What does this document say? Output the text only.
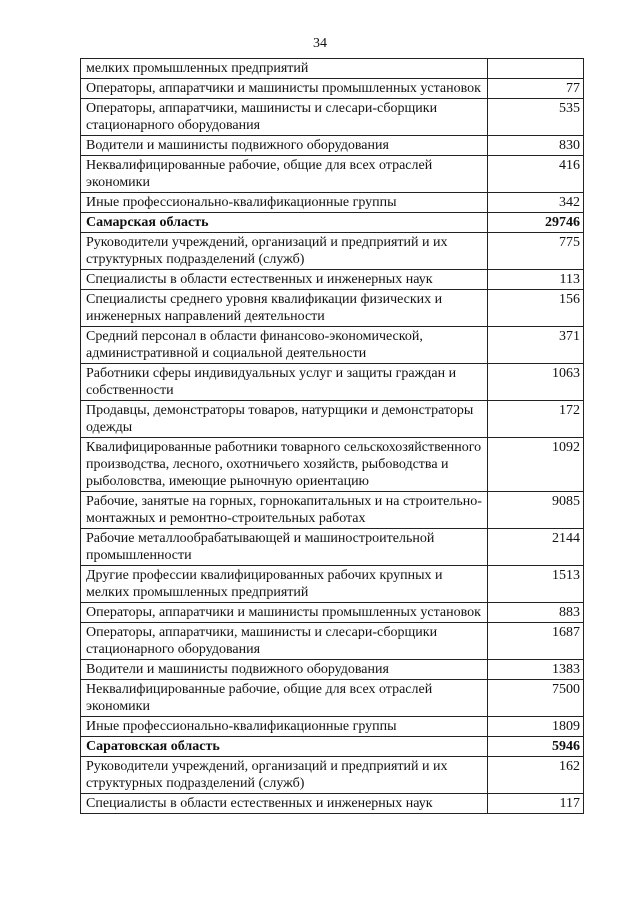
34
мелких промышленных предприятий	
Операторы, аппаратчики и машинисты промышленных установок	77
Операторы, аппаратчики, машинисты и слесари-сборщики стационарного оборудования	535
Водители и машинисты подвижного оборудования	830
Неквалифицированные рабочие, общие для всех отраслей экономики	416
Иные профессионально-квалификационные группы	342
Самарская область	29746
Руководители учреждений, организаций и предприятий и их структурных подразделений (служб)	775
Специалисты в области естественных и инженерных наук	113
Специалисты среднего уровня квалификации физических и инженерных направлений деятельности	156
Средний персонал в области финансово-экономической, административной и социальной деятельности	371
Работники сферы индивидуальных услуг и защиты граждан и собственности	1063
Продавцы, демонстраторы товаров, натурщики и демонстраторы одежды	172
Квалифицированные работники товарного сельскохозяйственного производства, лесного, охотничьего хозяйств, рыбоводства и рыболовства, имеющие рыночную ориентацию	1092
Рабочие, занятые на горных, горнокапитальных и на строительно-монтажных и ремонтно-строительных работах	9085
Рабочие металлообрабатывающей и машиностроительной промышленности	2144
Другие профессии квалифицированных рабочих крупных и мелких промышленных предприятий	1513
Операторы, аппаратчики и машинисты промышленных установок	883
Операторы, аппаратчики, машинисты и слесари-сборщики стационарного оборудования	1687
Водители и машинисты подвижного оборудования	1383
Неквалифицированные рабочие, общие для всех отраслей экономики	7500
Иные профессионально-квалификационные группы	1809
Саратовская область	5946
Руководители учреждений, организаций и предприятий и их структурных подразделений (служб)	162
Специалисты в области естественных и инженерных наук	117
